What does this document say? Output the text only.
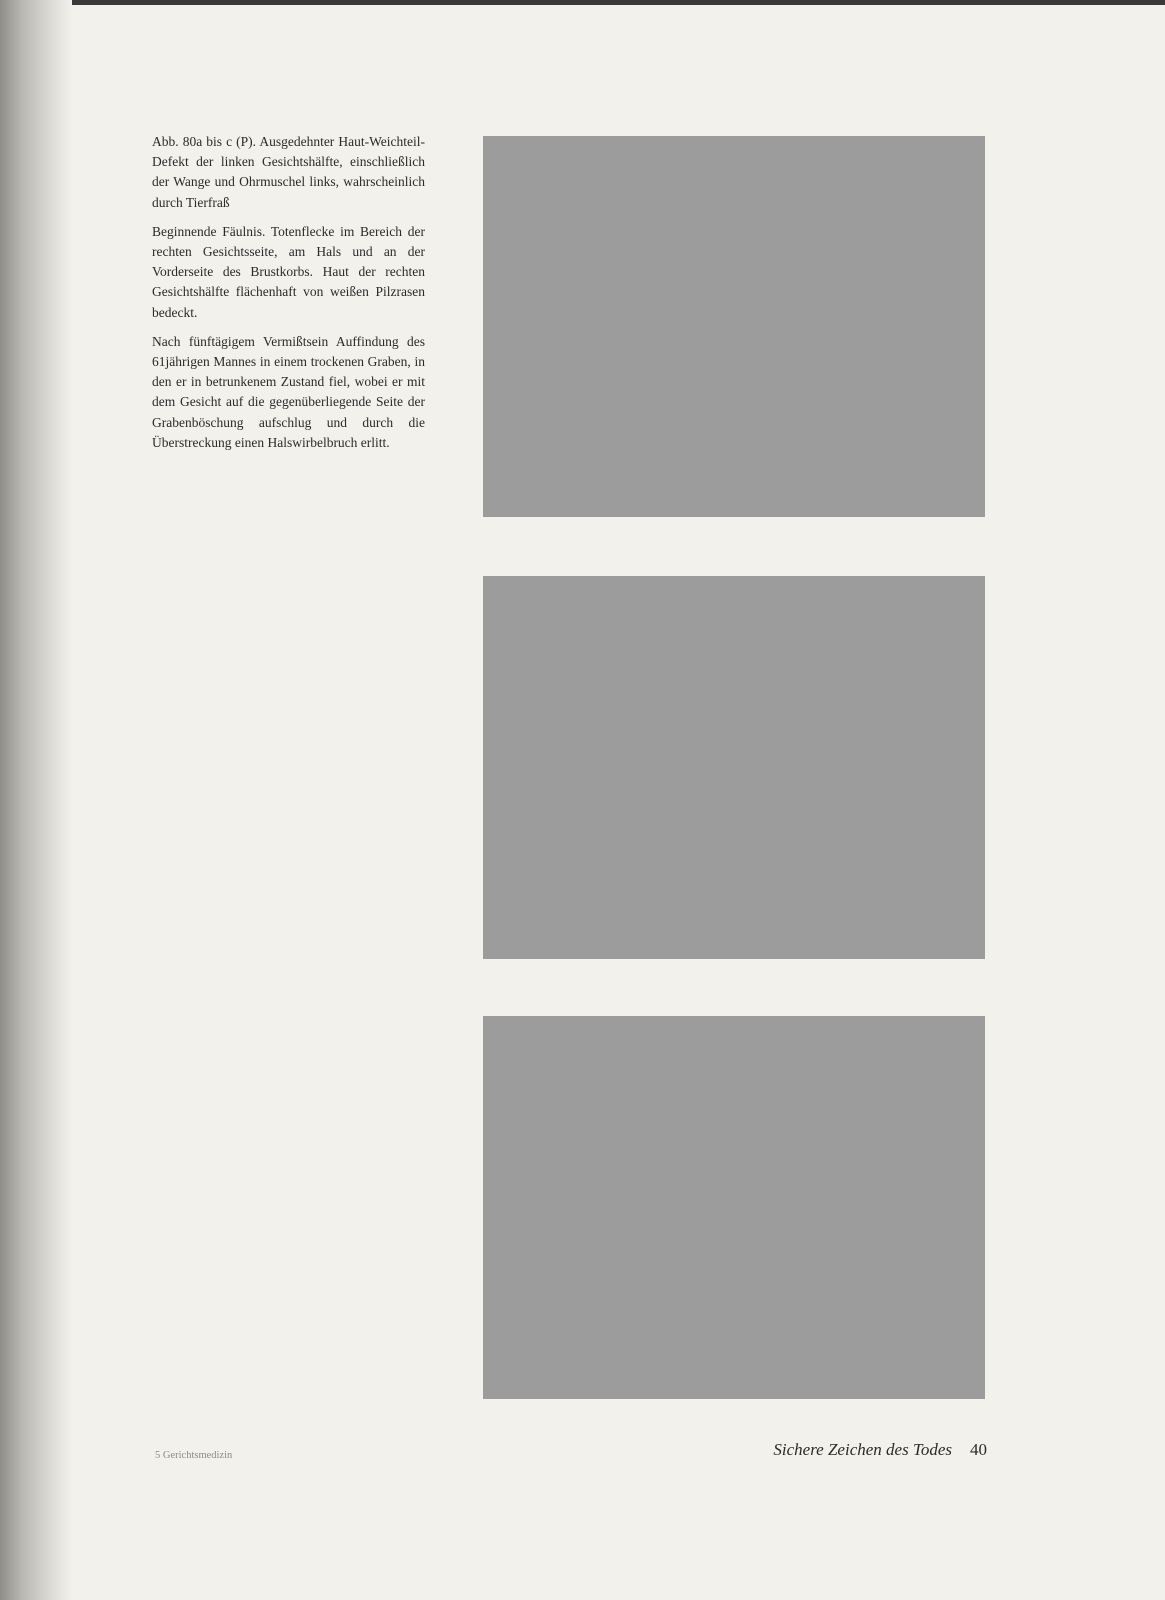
Abb. 80a bis c (P). Ausgedehnter Haut-Weichteil-Defekt der linken Gesichtshälfte, einschließlich der Wange und Ohrmuschel links, wahrscheinlich durch Tierfraß

Beginnende Fäulnis. Totenflecke im Bereich der rechten Gesichtsseite, am Hals und an der Vorderseite des Brustkorbs. Haut der rechten Gesichtshälfte flächenhaft von weißen Pilzrasen bedeckt.

Nach fünftägigem Vermißtsein Auffindung des 61jährigen Mannes in einem trockenen Graben, in den er in betrunkenem Zustand fiel, wobei er mit dem Gesicht auf die gegenüberliegende Seite der Grabenböschung aufschlug und durch die Überstreckung einen Halswirbelbruch erlitt.

5 Gerichtsmedizin	Sichere Zeichen des Todes 40
